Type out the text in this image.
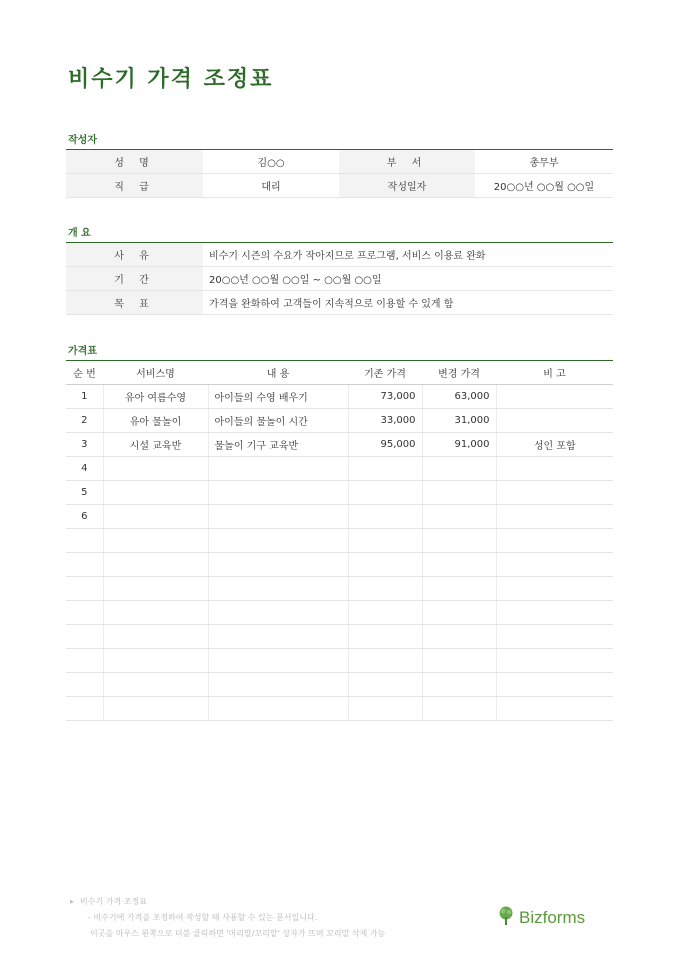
비수기 가격 조정표
작성자
성 명	김○○	부 서	총무부
직 급	대리	작성일자	20○○년 ○○월 ○○일
개 요
사 유	비수기 시즌의 수요가 작아지므로 프로그램, 서비스 이용료 완화
기 간	20○○년 ○○월 ○○일 ~ ○○월 ○○일
목 표	가격을 완화하여 고객들이 지속적으로 이용할 수 있게 함
가격표
순 번	서비스명	내 용	기존 가격	변경 가격	비 고
1	유아 여름수영	아이들의 수영 배우기	73,000	63,000	
2	유아 물놀이	아이들의 물놀이 시간	33,000	31,000	
3	시설 교육반	물놀이 기구 교육반	95,000	91,000	성인 포함
4					
5					
6					

▸ 비수기 가격 조정표
- 비수기에 가격을 조정하여 작성할 때 사용할 수 있는 문서입니다.
이곳을 마우스 왼쪽으로 더블 클릭하면 '머리말/꼬리말' 상자가 뜨며 꼬리말 삭제 가능
Bizforms
